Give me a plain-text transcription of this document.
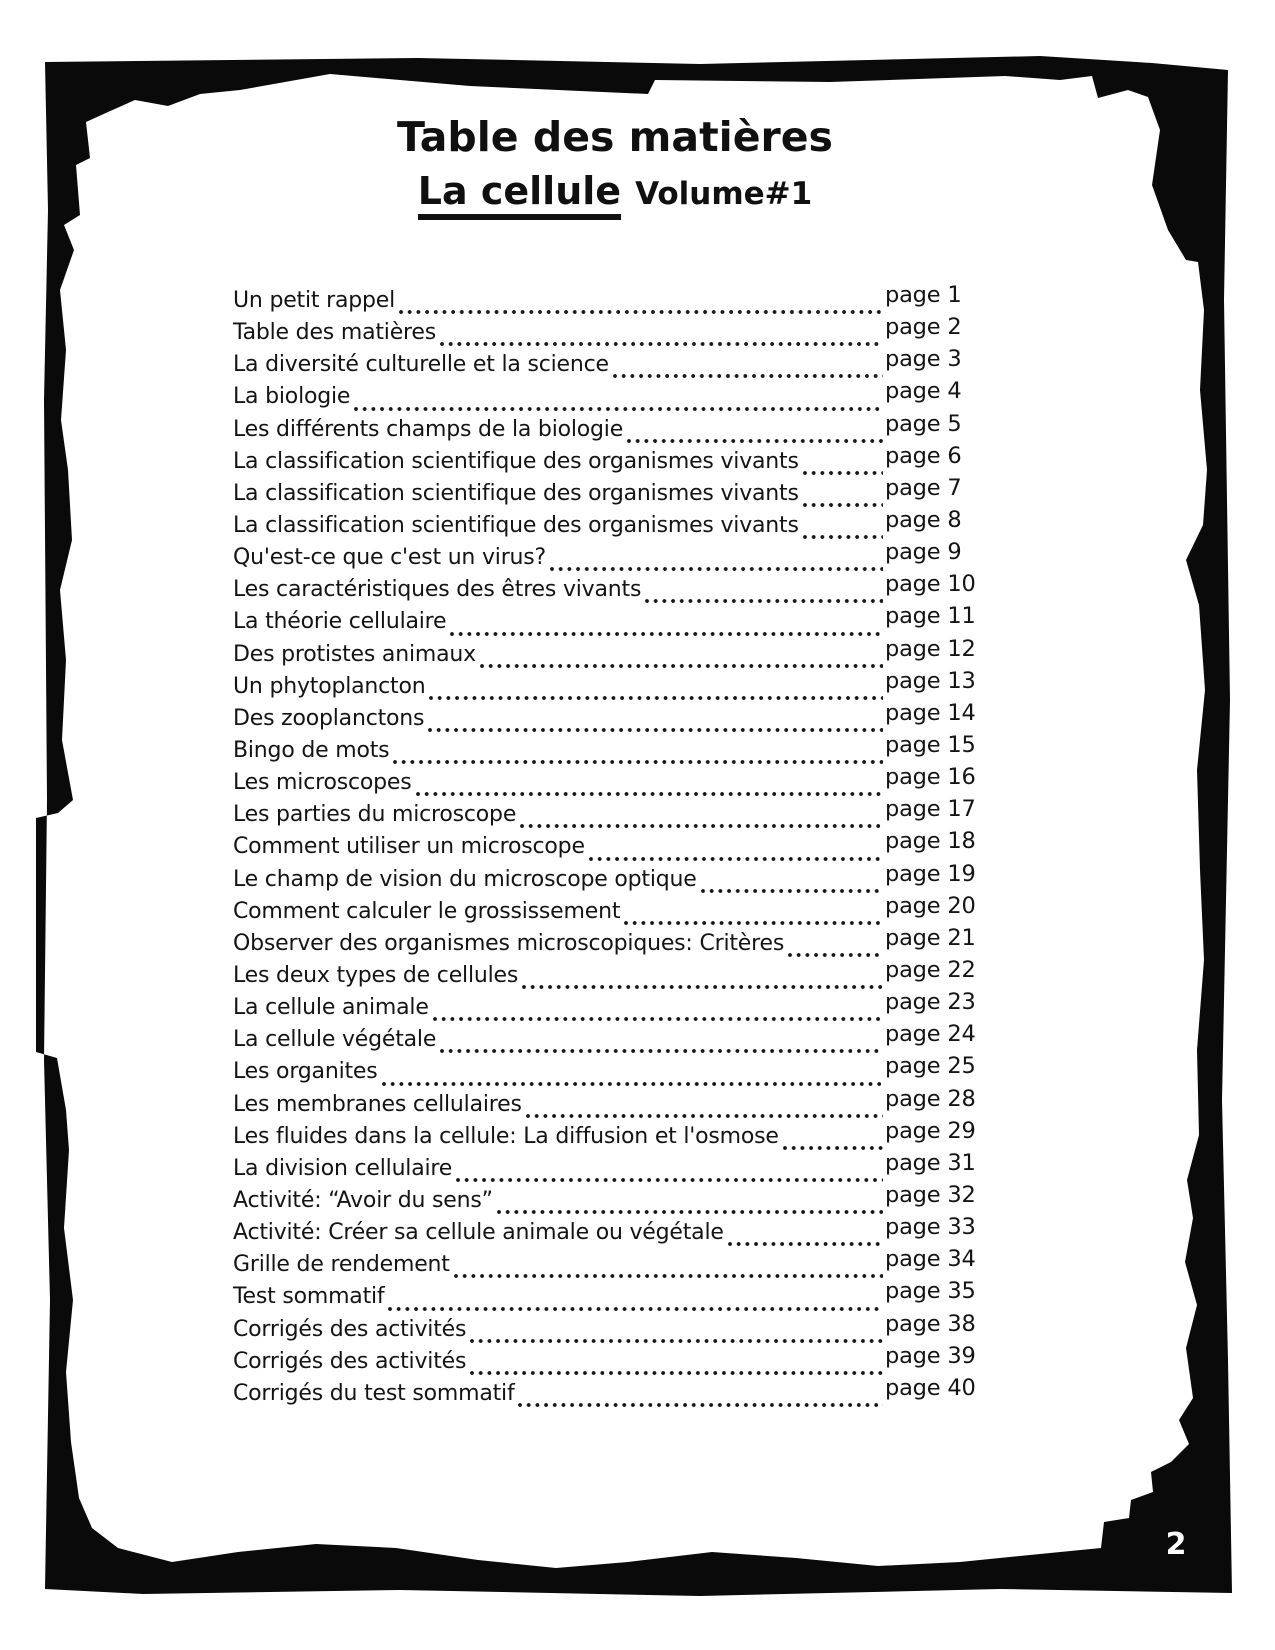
Table des matières
La cellule Volume#1
Un petit rappel	page 1
Table des matières	page 2
La diversité culturelle et la science	page 3
La biologie	page 4
Les différents champs de la biologie	page 5
La classification scientifique des organismes vivants	page 6
La classification scientifique des organismes vivants	page 7
La classification scientifique des organismes vivants	page 8
Qu'est-ce que c'est un virus?	page 9
Les caractéristiques des êtres vivants	page 10
La théorie cellulaire	page 11
Des protistes animaux	page 12
Un phytoplancton	page 13
Des zooplanctons	page 14
Bingo de mots	page 15
Les microscopes	page 16
Les parties du microscope	page 17
Comment utiliser un microscope	page 18
Le champ de vision du microscope optique	page 19
Comment calculer le grossissement	page 20
Observer des organismes microscopiques: Critères	page 21
Les deux types de cellules	page 22
La cellule animale	page 23
La cellule végétale	page 24
Les organites	page 25
Les membranes cellulaires	page 28
Les fluides dans la cellule: La diffusion et l'osmose	page 29
La division cellulaire	page 31
Activité: “Avoir du sens”	page 32
Activité: Créer sa cellule animale ou végétale	page 33
Grille de rendement	page 34
Test sommatif	page 35
Corrigés des activités	page 38
Corrigés des activités	page 39
Corrigés du test sommatif	page 40
2
